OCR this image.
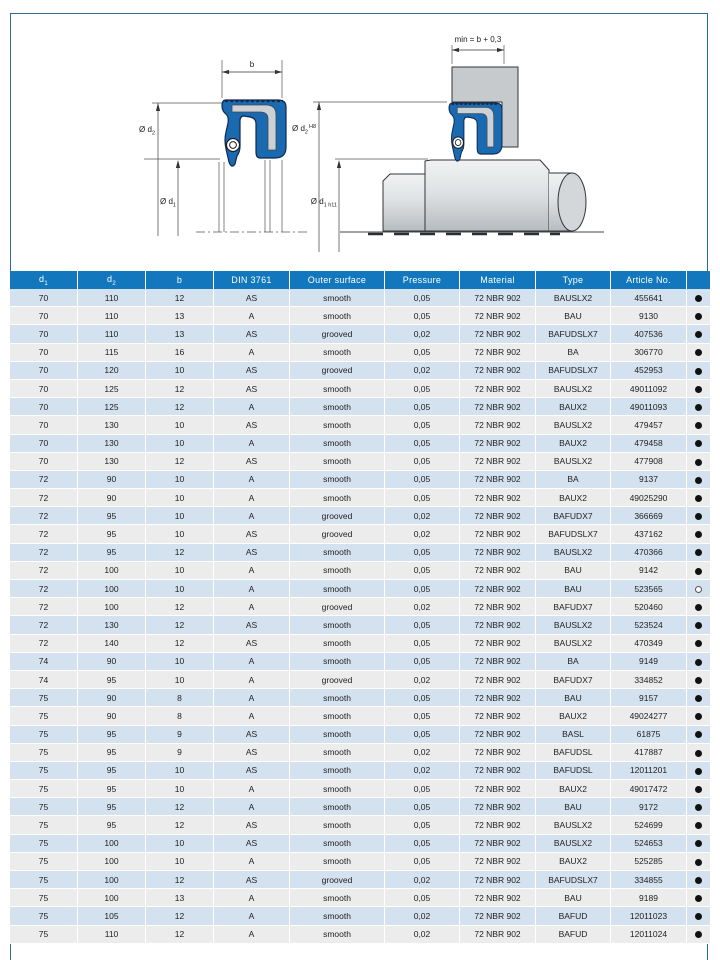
b
Ø $d_2$
Ø $d_1$
min = b + 0,3
Ø $d_2^{H8}$
Ø $d_1$ h11
$d_1$	$d_2$	b	DIN 3761	Outer surface	Pressure	Material	Type	Article No.	
70	110	12	AS	smooth	0,05	72 NBR 902	BAUSLX2	455641	
70	110	13	A	smooth	0,05	72 NBR 902	BAU	9130	
70	110	13	AS	grooved	0,02	72 NBR 902	BAFUDSLX7	407536	
70	115	16	A	smooth	0,05	72 NBR 902	BA	306770	
70	120	10	AS	grooved	0,02	72 NBR 902	BAFUDSLX7	452953	
70	125	12	AS	smooth	0,05	72 NBR 902	BAUSLX2	49011092	
70	125	12	A	smooth	0,05	72 NBR 902	BAUX2	49011093	
70	130	10	AS	smooth	0,05	72 NBR 902	BAUSLX2	479457	
70	130	10	A	smooth	0,05	72 NBR 902	BAUX2	479458	
70	130	12	AS	smooth	0,05	72 NBR 902	BAUSLX2	477908	
72	90	10	A	smooth	0,05	72 NBR 902	BA	9137	
72	90	10	A	smooth	0,05	72 NBR 902	BAUX2	49025290	
72	95	10	A	grooved	0,02	72 NBR 902	BAFUDX7	366669	
72	95	10	AS	grooved	0,02	72 NBR 902	BAFUDSLX7	437162	
72	95	12	AS	smooth	0,05	72 NBR 902	BAUSLX2	470366	
72	100	10	A	smooth	0,05	72 NBR 902	BAU	9142	
72	100	10	A	smooth	0,05	72 NBR 902	BAU	523565	
72	100	12	A	grooved	0,02	72 NBR 902	BAFUDX7	520460	
72	130	12	AS	smooth	0,05	72 NBR 902	BAUSLX2	523524	
72	140	12	AS	smooth	0,05	72 NBR 902	BAUSLX2	470349	
74	90	10	A	smooth	0,05	72 NBR 902	BA	9149	
74	95	10	A	grooved	0,02	72 NBR 902	BAFUDX7	334852	
75	90	8	A	smooth	0,05	72 NBR 902	BAU	9157	
75	90	8	A	smooth	0,05	72 NBR 902	BAUX2	49024277	
75	95	9	AS	smooth	0,05	72 NBR 902	BASL	61875	
75	95	9	AS	smooth	0,02	72 NBR 902	BAFUDSL	417887	
75	95	10	AS	smooth	0,02	72 NBR 902	BAFUDSL	12011201	
75	95	10	A	smooth	0,05	72 NBR 902	BAUX2	49017472	
75	95	12	A	smooth	0,05	72 NBR 902	BAU	9172	
75	95	12	AS	smooth	0,05	72 NBR 902	BAUSLX2	524699	
75	100	10	AS	smooth	0,05	72 NBR 902	BAUSLX2	524653	
75	100	10	A	smooth	0,05	72 NBR 902	BAUX2	525285	
75	100	12	AS	grooved	0,02	72 NBR 902	BAFUDSLX7	334855	
75	100	13	A	smooth	0,05	72 NBR 902	BAU	9189	
75	105	12	A	smooth	0,02	72 NBR 902	BAFUD	12011023	
75	110	12	A	smooth	0,02	72 NBR 902	BAFUD	12011024	
